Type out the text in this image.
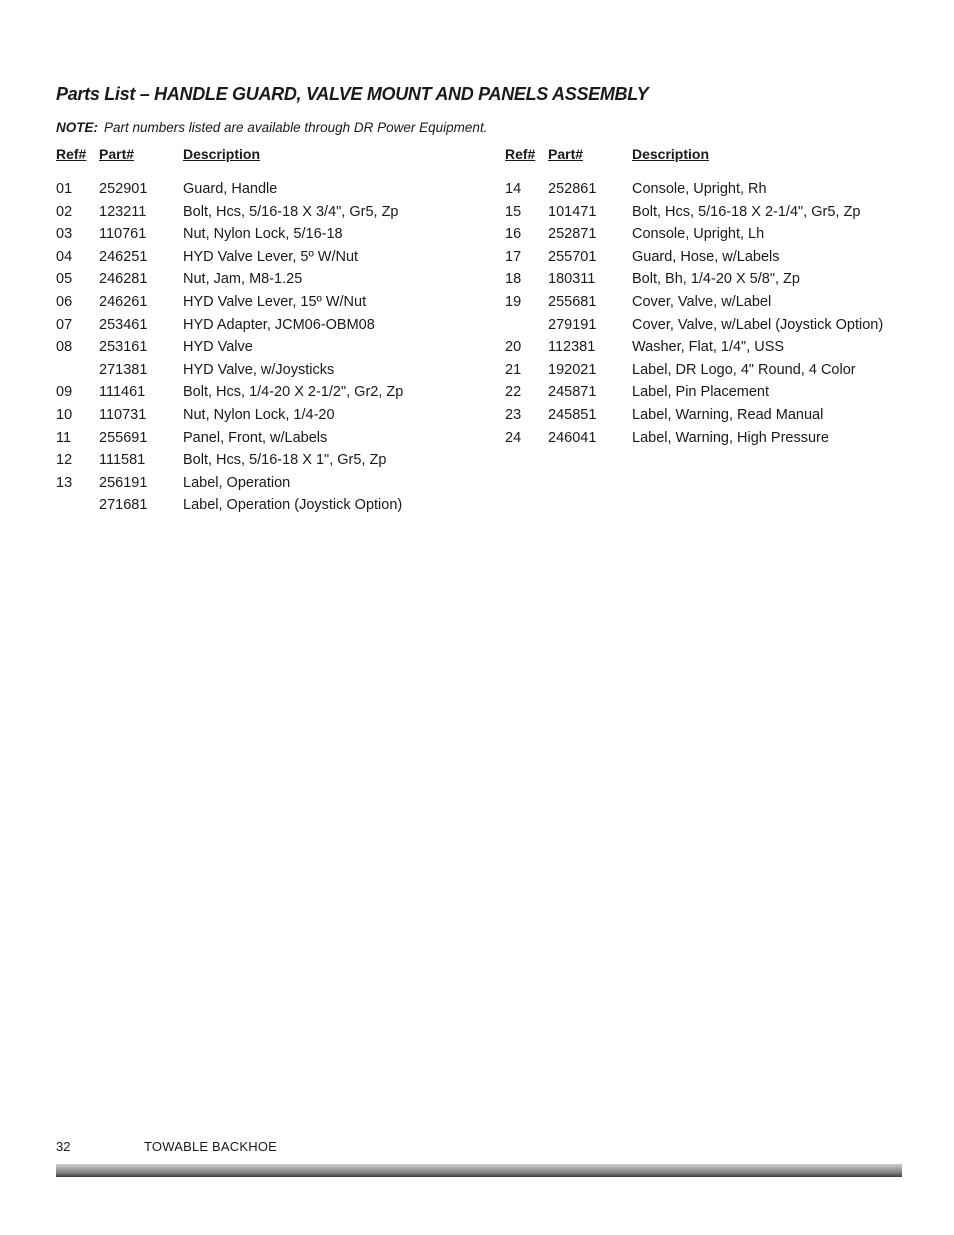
Parts List – HANDLE GUARD, VALVE MOUNT AND PANELS ASSEMBLY
NOTE: Part numbers listed are available through DR Power Equipment.
Ref# Part#	Description
01 252901 Guard, Handle
02 123211	Bolt, Hcs, 5/16-18 X 3/4", Gr5, Zp
03 110761	Nut, Nylon Lock, 5/16-18
04 246251 HYD Valve Lever, 5º W/Nut
05 246281 Nut, Jam, M8-1.25
06 246261 HYD Valve Lever, 15º W/Nut
07 253461 HYD Adapter, JCM06-OBM08
08 253161 HYD Valve
271381 HYD Valve, w/Joysticks
09 111461	Bolt, Hcs, 1/4-20 X 2-1/2", Gr2, Zp
10 110731	Nut, Nylon Lock, 1/4-20
11 255691 Panel, Front, w/Labels
12 111581	Bolt, Hcs, 5/16-18 X 1", Gr5, Zp
13 256191 Label, Operation
271681 Label, Operation (Joystick Option)
Ref# Part#	Description
14 252861 Console, Upright, Rh
15 101471 Bolt, Hcs, 5/16-18 X 2-1/4", Gr5, Zp
16 252871 Console, Upright, Lh
17 255701 Guard, Hose, w/Labels
18 180311	Bolt, Bh, 1/4-20 X 5/8", Zp
19 255681 Cover, Valve, w/Label
279191 Cover, Valve, w/Label (Joystick Option)
20 112381	Washer, Flat, 1/4", USS
21 192021 Label, DR Logo, 4" Round, 4 Color
22 245871 Label, Pin Placement
23 245851 Label, Warning, Read Manual
24 246041 Label, Warning, High Pressure
32	TOWABLE BACKHOE
